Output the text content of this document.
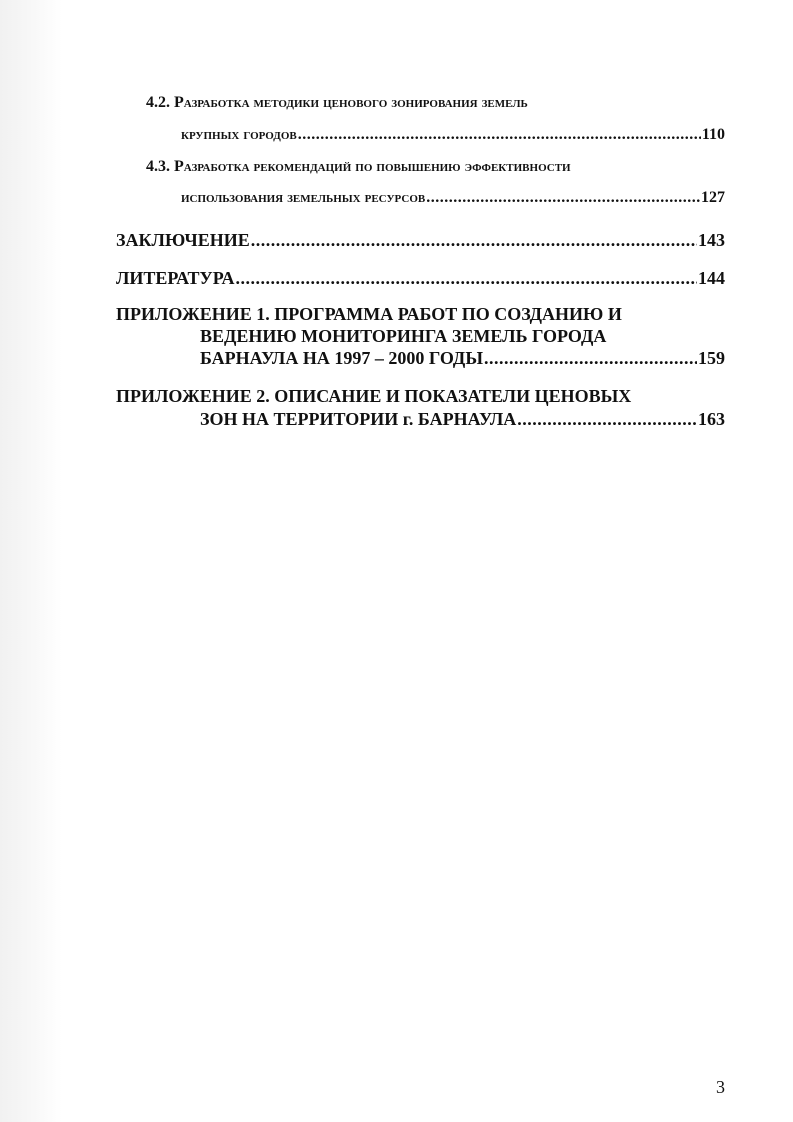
4.2. Разработка методики ценового зонирования земель
крупных городов .....	110
4.3. Разработка рекомендаций по повышению эффективности
использования земельных ресурсов .....	127
ЗАКЛЮЧЕНИЕ .....	143
ЛИТЕРАТУРА .....	144
ПРИЛОЖЕНИЕ 1. ПРОГРАММА РАБОТ ПО СОЗДАНИЮ И
ВЕДЕНИЮ МОНИТОРИНГА ЗЕМЕЛЬ ГОРОДА
БАРНАУЛА НА 1997 – 2000 ГОДЫ .....	159
ПРИЛОЖЕНИЕ 2. ОПИСАНИЕ И ПОКАЗАТЕЛИ ЦЕНОВЫХ
ЗОН НА ТЕРРИТОРИИ г. БАРНАУЛА .....	163
3
